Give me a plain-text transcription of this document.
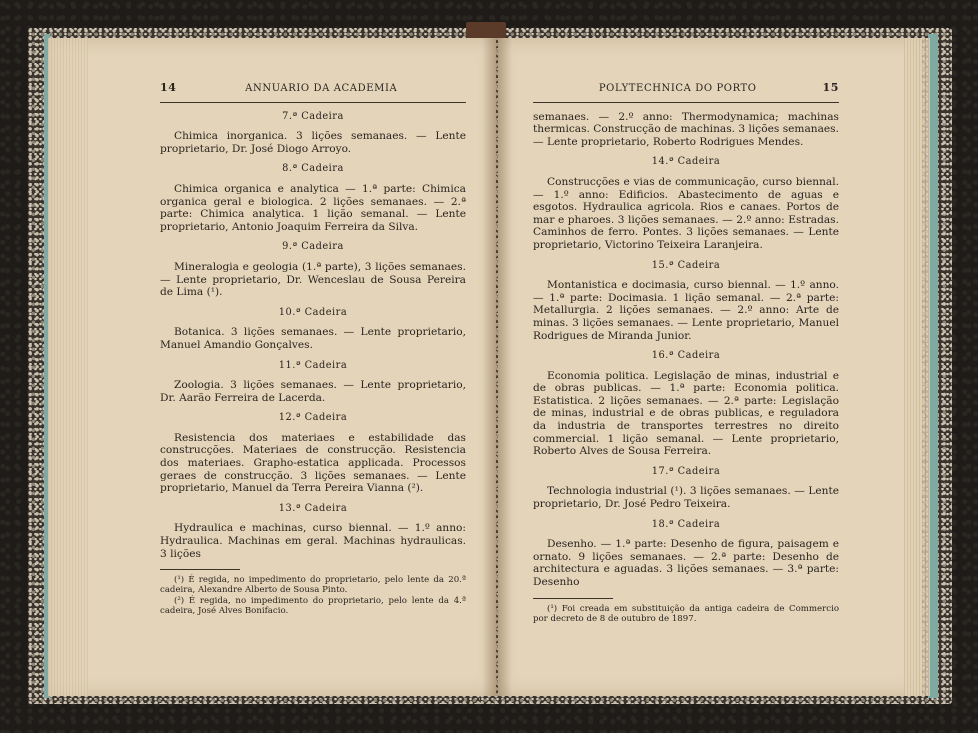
14	ANNUARIO DA ACADEMIA
7.ª Cadeira

Chimica inorganica. 3 lições semanaes. — Lente proprietario, Dr. José Diogo Arroyo.

8.ª Cadeira

Chimica organica e analytica — 1.ª parte: Chimica organica geral e biologica. 2 lições semanaes. — 2.ª parte: Chimica analytica. 1 lição semanal. — Lente proprietario, Antonio Joaquim Ferreira da Silva.

9.ª Cadeira

Mineralogia e geologia (1.ª parte), 3 lições semanaes. — Lente proprietario, Dr. Wenceslau de Sousa Pereira de Lima (¹).

10.ª Cadeira

Botanica. 3 lições semanaes. — Lente proprietario, Manuel Amandio Gonçalves.

11.ª Cadeira

Zoologia. 3 lições semanaes. — Lente proprietario, Dr. Aarão Ferreira de Lacerda.

12.ª Cadeira

Resistencia dos materiaes e estabilidade das construcções. Materiaes de construcção. Resistencia dos materiaes. Grapho-estatica applicada. Processos geraes de construcção. 3 lições semanaes. — Lente proprietario, Manuel da Terra Pereira Vianna (²).

13.ª Cadeira

Hydraulica e machinas, curso biennal. — 1.º anno: Hydraulica. Machinas em geral. Machinas hydraulicas. 3 lições

(¹) É regida, no impedimento do proprietario, pelo lente da 20.ª cadeira, Alexandre Alberto de Sousa Pinto.

(²) É regida, no impedimento do proprietario, pelo lente da 4.ª cadeira, José Alves Bonifacio.

POLYTECHNICA DO PORTO	15

semanaes. — 2.º anno: Thermodynamica; machinas thermicas. Construcção de machinas. 3 lições semanaes. — Lente proprietario, Roberto Rodrigues Mendes.

14.ª Cadeira

Construcções e vias de communicação, curso biennal. — 1.º anno: Edificios. Abastecimento de aguas e esgotos. Hydraulica agricola. Rios e canaes. Portos de mar e pharoes. 3 lições semanaes. — 2.º anno: Estradas. Caminhos de ferro. Pontes. 3 lições semanaes. — Lente proprietario, Victorino Teixeira Laranjeira.

15.ª Cadeira

Montanistica e docimasia, curso biennal. — 1.º anno. — 1.ª parte: Docimasia. 1 lição semanal. — 2.ª parte: Metallurgia. 2 lições semanaes. — 2.º anno: Arte de minas. 3 lições semanaes. — Lente proprietario, Manuel Rodrigues de Miranda Junior.

16.ª Cadeira

Economia politica. Legislação de minas, industrial e de obras publicas. — 1.ª parte: Economia politica. Estatistica. 2 lições semanaes. — 2.ª parte: Legislação de minas, industrial e de obras publicas, e reguladora da industria de transportes terrestres no direito commercial. 1 lição semanal. — Lente proprietario, Roberto Alves de Sousa Ferreira.

17.ª Cadeira

Technologia industrial (¹). 3 lições semanaes. — Lente proprietario, Dr. José Pedro Teixeira.

18.ª Cadeira

Desenho. — 1.ª parte: Desenho de figura, paisagem e ornato. 9 lições semanaes. — 2.ª parte: Desenho de architectura e aguadas. 3 lições semanaes. — 3.ª parte: Desenho

(¹) Foi creada em substituição da antiga cadeira de Commercio por decreto de 8 de outubro de 1897.
